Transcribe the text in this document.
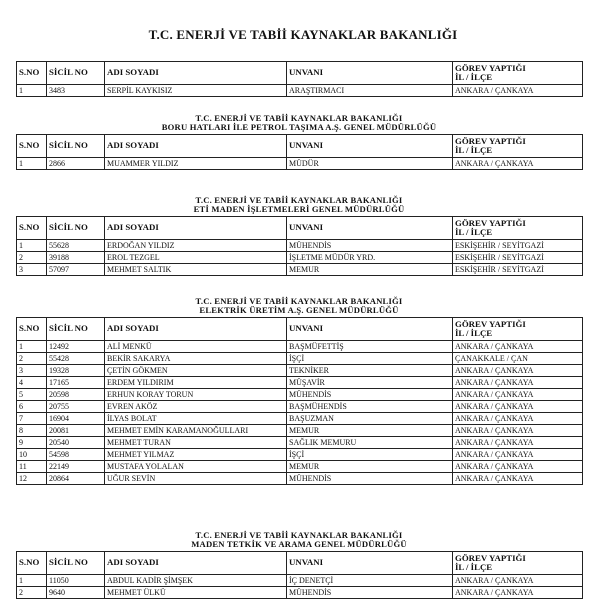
T.C. ENERJİ VE TABİİ KAYNAKLAR BAKANLIĞI
S.NO	SİCİL NO	ADI SOYADI	UNVANI	GÖREV YAPTIĞI
İL / İLÇE

1	3483	SERPİL KAYKISIZ	ARAŞTIRMACI	ANKARA / ÇANKAYA
T.C. ENERJİ VE TABİİ KAYNAKLAR BAKANLIĞI
BORU HATLARI İLE PETROL TAŞIMA A.Ş. GENEL MÜDÜRLÜĞÜ
S.NO	SİCİL NO	ADI SOYADI	UNVANI	GÖREV YAPTIĞI
İL / İLÇE

1	2866	MUAMMER YILDIZ	MÜDÜR	ANKARA / ÇANKAYA
T.C. ENERJİ VE TABİİ KAYNAKLAR BAKANLIĞI
ETİ MADEN İŞLETMELERİ GENEL MÜDÜRLÜĞÜ
S.NO	SİCİL NO	ADI SOYADI	UNVANI	GÖREV YAPTIĞI
İL / İLÇE

1	55628	ERDOĞAN YILDIZ	MÜHENDİS	ESKİŞEHİR / SEYİTGAZİ
2	39188	EROL TEZGEL	İŞLETME MÜDÜR YRD.	ESKİŞEHİR / SEYİTGAZİ
3	57097	MEHMET SALTIK	MEMUR	ESKİŞEHİR / SEYİTGAZİ
T.C. ENERJİ VE TABİİ KAYNAKLAR BAKANLIĞI
ELEKTRİK ÜRETİM A.Ş. GENEL MÜDÜRLÜĞÜ
S.NO	SİCİL NO	ADI SOYADI	UNVANI	GÖREV YAPTIĞI
İL / İLÇE

1	12492	ALİ MENKÜ	BAŞMÜFETTİŞ	ANKARA / ÇANKAYA
2	55428	BEKİR SAKARYA	İŞÇİ	ÇANAKKALE / ÇAN
3	19328	ÇETİN GÖKMEN	TEKNİKER	ANKARA / ÇANKAYA
4	17165	ERDEM YILDIRIM	MÜŞAVİR	ANKARA / ÇANKAYA
5	20598	ERHUN KORAY TORUN	MÜHENDİS	ANKARA / ÇANKAYA
6	20755	EVREN AKÖZ	BAŞMÜHENDİS	ANKARA / ÇANKAYA
7	16904	İLYAS BOLAT	BAŞUZMAN	ANKARA / ÇANKAYA
8	20081	MEHMET EMİN KARAMANOĞULLARI	MEMUR	ANKARA / ÇANKAYA
9	20540	MEHMET TURAN	SAĞLIK MEMURU	ANKARA / ÇANKAYA
10	54598	MEHMET YILMAZ	İŞÇİ	ANKARA / ÇANKAYA
11	22149	MUSTAFA YOLALAN	MEMUR	ANKARA / ÇANKAYA
12	20864	UĞUR SEVİN	MÜHENDİS	ANKARA / ÇANKAYA
T.C. ENERJİ VE TABİİ KAYNAKLAR BAKANLIĞI
MADEN TETKİK VE ARAMA GENEL MÜDÜRLÜĞÜ
S.NO	SİCİL NO	ADI SOYADI	UNVANI	GÖREV YAPTIĞI
İL / İLÇE

1	11050	ABDUL KADİR ŞİMŞEK	İÇ DENETÇİ	ANKARA / ÇANKAYA
2	9640	MEHMET ÜLKÜ	MÜHENDİS	ANKARA / ÇANKAYA
